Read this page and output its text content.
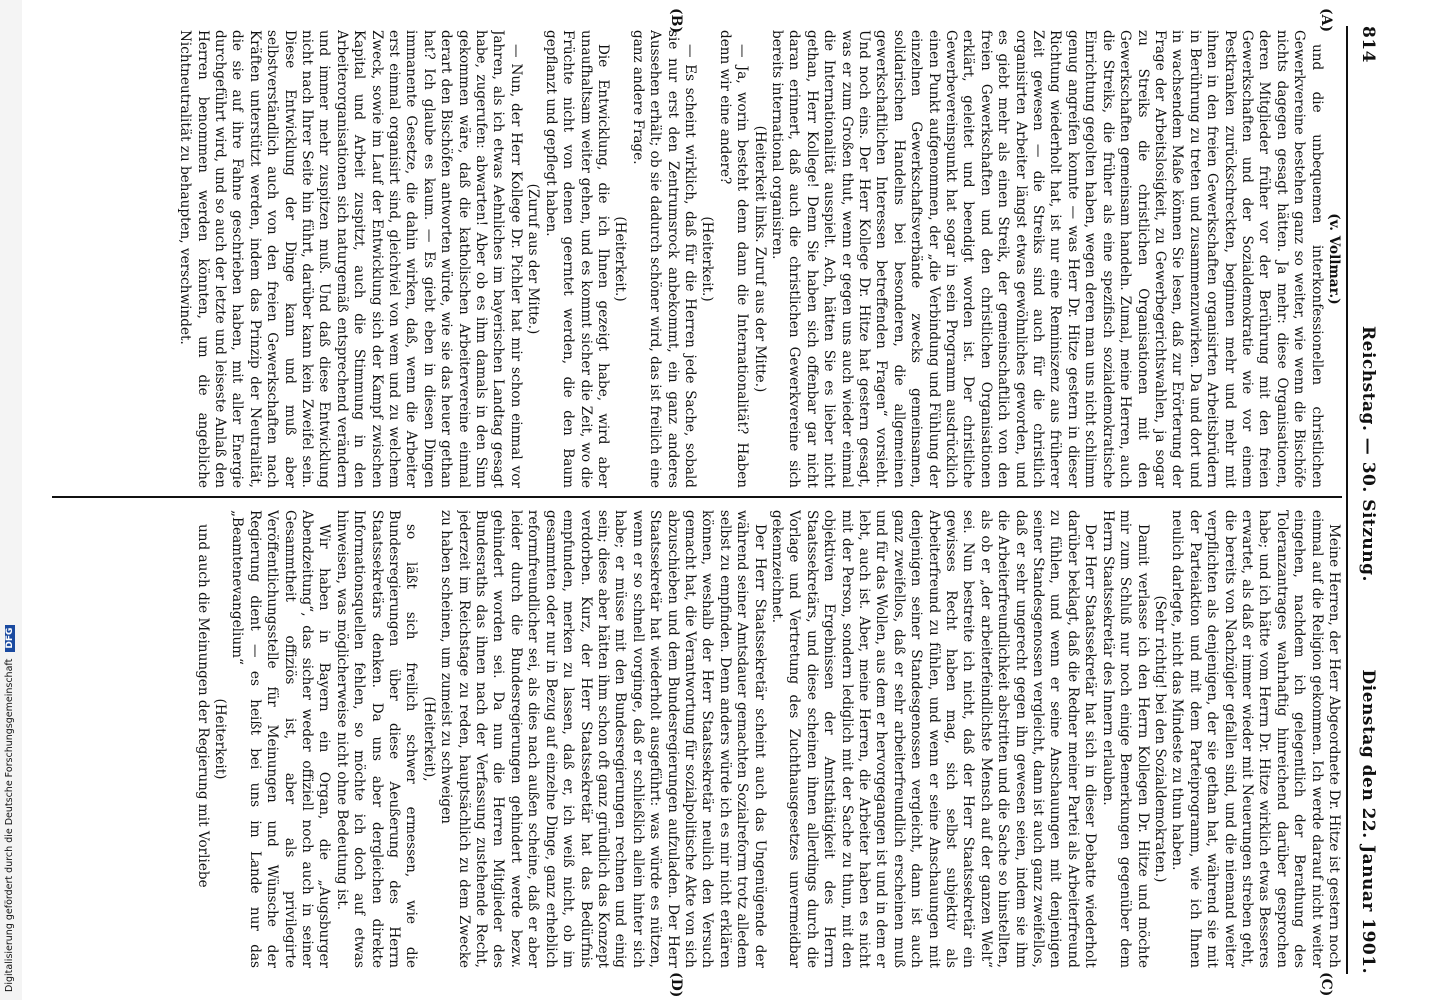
Digitalisierung gefördert durch die Deutsche Forschungsgemeinschaft DFG
814
Reichstag. — 30. Sitzung.
Dienstag den 22. Januar 1901.
(A)
(B)
(C)
(D)

(v. Vollmar.)

und die unbequemen interkonfessionellen christlichen Gewerkvereine bestehen ganz so weiter, wie wenn die Bischöfe nichts dagegen gesagt hätten. Ja mehr: diese Organisationen, deren Mitglieder früher vor der Berührung mit den freien Gewerkschaften und der Sozialdemokratie wie vor einem Pestkranken zurückschreckten, beginnen mehr und mehr mit ihnen in den freien Gewerkschaften organisirten Arbeitsbrüdern in Berührung zu treten und zusammenzuwirken. Da und dort und in wachsendem Maße können Sie lesen, daß zur Erörterung der Frage der Arbeitslosigkeit, zu Gewerbegerichtswahlen, ja sogar zu Streiks die christlichen Organisationen mit den Gewerkschaften gemeinsam handeln. Zumal, meine Herren, auch die Streiks, die früher als eine spezifisch sozialdemokratische Einrichtung gegolten haben, wegen deren man uns nicht schlimm genug angreifen konnte — was Herr Dr. Hitze gestern in dieser Richtung wiederholt hat, ist nur eine Reminiszenz aus früherer Zeit gewesen — die Streiks sind auch für die christlich organisirten Arbeiter längst etwas gewöhnliches geworden, und es giebt mehr als einen Streik, der gemeinschaftlich von den freien Gewerkschaften und den christlichen Organisationen erklärt, geleitet und beendigt worden ist. Der christliche Gewerbevereinspunkt hat sogar in sein Programm ausdrücklich einen Punkt aufgenommen, der „die Verbindung und Fühlung der einzelnen Gewerkschaftsverbände zwecks gemeinsamen, solidarischen Handelns bei besonderen, die allgemeinen gewerkschaftlichen Interessen betreffenden Fragen“ vorsieht. Und noch eins. Der Herr Kollege Dr. Hitze hat gestern gesagt, was er zum Großen thut, wenn er gegen uns auch wieder einmal die Internationalität ausspielt. Ach, hätten Sie es lieber nicht gethan, Herr Kollege! Denn Sie haben sich offenbar gar nicht daran erinnert, daß auch die christlichen Gewerkvereine sich bereits international organisiren.

(Heiterkeit links. Zuruf aus der Mitte.)

— Ja, worin besteht denn dann die Internationalität? Haben denn wir eine andere?

(Heiterkeit.)

— Es scheint wirklich, daß für die Herren jede Sache, sobald sie nur erst den Zentrumsrock anbekommt, ein ganz anderes Aussehen erhält; ob sie dadurch schöner wird, das ist freilich eine ganz andere Frage.

(Heiterkeit.)

Die Entwicklung, die ich Ihnen gezeigt habe, wird aber unaufhaltsam weiter gehen, und es kommt sicher die Zeit, wo die Früchte nicht von denen geerntet werden, die den Baum gepflanzt und gepflegt haben.

(Zuruf aus der Mitte.)

— Nun, der Herr Kollege Dr. Pichler hat mir schon einmal vor Jahren, als ich etwas Aehnliches im bayerischen Landtag gesagt habe, zugerufen: abwarten! Aber ob es ihm damals in den Sinn gekommen wäre, daß die katholischen Arbeitervereine einmal derart den Bischöfen antworten würde, wie sie das heuer gethan hat? Ich glaube es kaum. — Es giebt eben in diesen Dingen immanente Gesetze, die dahin wirken, daß, wenn die Arbeiter erst einmal organisirt sind, gleichviel von wem und zu welchem Zweck, sowie im Lauf der Entwicklung sich der Kampf zwischen Kapital und Arbeit zuspitzt, auch die Stimmung in den Arbeiterorganisationen sich naturgemäß entsprechend verändern und immer mehr zuspitzen muß. Und daß diese Entwicklung nicht nach Ihrer Seite hin führt, darüber kann kein Zweifel sein. Diese Entwicklung der Dinge kann und muß aber selbstverständlich auch von den freien Gewerkschaften nach Kräften unterstützt werden, indem das Prinzip der Neutralität, die sie auf ihre Fahne geschrieben haben, mit aller Energie durchgeführt wird, und so auch der letzte und leiseste Anlaß den Herren benommen werden könnten, um die angebliche Nichtneutralität zu behaupten, verschwindet.

Meine Herren, der Herr Abgeordnete Dr. Hitze ist gestern noch einmal auf die Religion gekommen. Ich werde darauf nicht weiter eingehen, nachdem ich gelegentlich der Berathung des Toleranzantrages wahrhaftig hinreichend darüber gesprochen habe; und ich hätte vom Herrn Dr. Hitze wirklich etwas Besseres erwartet, als daß er immer wieder mit Neuerungen streben geht, die bereits von Nachzügler gefallen sind, und die niemand weiter verpflichten als denjenigen, der sie gethan hat, während sie mit der Parteiaktion und mit dem Parteiprogramm, wie ich Ihnen neulich darlegte, nicht das Mindeste zu thun haben.

(Sehr richtig! bei den Sozialdemokraten.)

Damit verlasse ich den Herrn Kollegen Dr. Hitze und möchte mir zum Schluß nur noch einige Bemerkungen gegenüber dem Herrn Staatssekretär des Innern erlauben.

Der Herr Staatssekretär hat sich in dieser Debatte wiederholt darüber beklagt, daß die Redner meiner Partei als Arbeiterfreund zu fühlen, und wenn er seine Anschauungen mit denjenigen seiner Standesgenossen vergleicht, dann ist auch ganz zweifellos, daß er sehr ungerecht gegen ihn gewesen seien, indem sie ihm die Arbeiterfreundlichkeit abstritten und die Sache so hinstellten, als ob er „der arbeiterfeindlichste Mensch auf der ganzen Welt“ sei. Nun bestreite ich nicht, daß der Herr Staatssekretär ein gewisses Recht haben mag, sich selbst subjektiv als Arbeiterfreund zu fühlen, und wenn er seine Anschauungen mit denjenigen seiner Standesgenossen vergleicht, dann ist auch ganz zweifellos, daß er sehr arbeiterfreundlich erscheinen muß und für das Wollen, aus dem er hervorgegangen ist und in dem er lebt, auch ist. Aber, meine Herren, die Arbeiter haben es nicht mit der Person, sondern lediglich mit der Sache zu thun, mit den objektiven Ergebnissen der Amtsthätigkeit des Herrn Staatssekretärs, und diese scheinen ihnen allerdings durch die Vorlage und Vertretung des Zuchthausgesetzes unvermeidbar gekennzeichnet.

Der Herr Staatssekretär scheint auch das Ungenügende der während seiner Amtsdauer gemachten Sozialreform trotz alledem selbst zu empfinden. Denn anders würde ich es mir nicht erklären können, weshalb der Herr Staatssekretär neulich den Versuch gemacht hat, die Verantwortung für sozialpolitische Akte von sich abzuschieben und dem Bundesregierungen aufzuladen. Der Herr Staatssekretär hat wiederholt ausgeführt: was würde es nützen, wenn er so schnell vorginge, daß er schließlich allein hinter sich habe; er müsse mit den Bundesregierungen rechnen und einig sein; diese aber hätten ihm schon oft ganz gründlich das Konzept verdorben. Kurz, der Herr Staatssekretär hat das Bedürfnis empfunden, merken zu lassen, daß er, ich weiß nicht, ob im gesammten oder nur in Bezug auf einzelne Dinge, ganz erheblich reformfreundlicher sei, als dies nach außen scheine, daß er aber leider durch die Bundesregierungen gehindert werde bezw. gehindert worden sei. Da nun die Herren Mitglieder des Bundesraths das ihnen nach der Verfassung zustehende Recht, jederzeit im Reichstage zu reden, hauptsächlich zu dem Zwecke zu haben scheinen, um zumeist zu schweigen

(Heiterkeit),

so läßt sich freilich schwer ermessen, wie die Bundesregierungen über diese Aeußerung des Herrn Staatssekretärs denken. Da uns aber dergleichen direkte Informationsquellen fehlen, so möchte ich doch auf etwas hinweisen, was möglicherweise nicht ohne Bedeutung ist.

Wir haben in Bayern ein Organ, die „Augsburger Abendzeitung“, das sicher weder offiziell noch auch in seiner Gesammtheit offiziös ist, aber als privilegirte Veröffentlichungsstelle für Meinungen und Wünsche der Regierung dient — es heißt bei uns im Lande nur das „Beamtenevangelium“

(Heiterkeit)

und auch die Meinungen der Regierung mit Vorliebe
